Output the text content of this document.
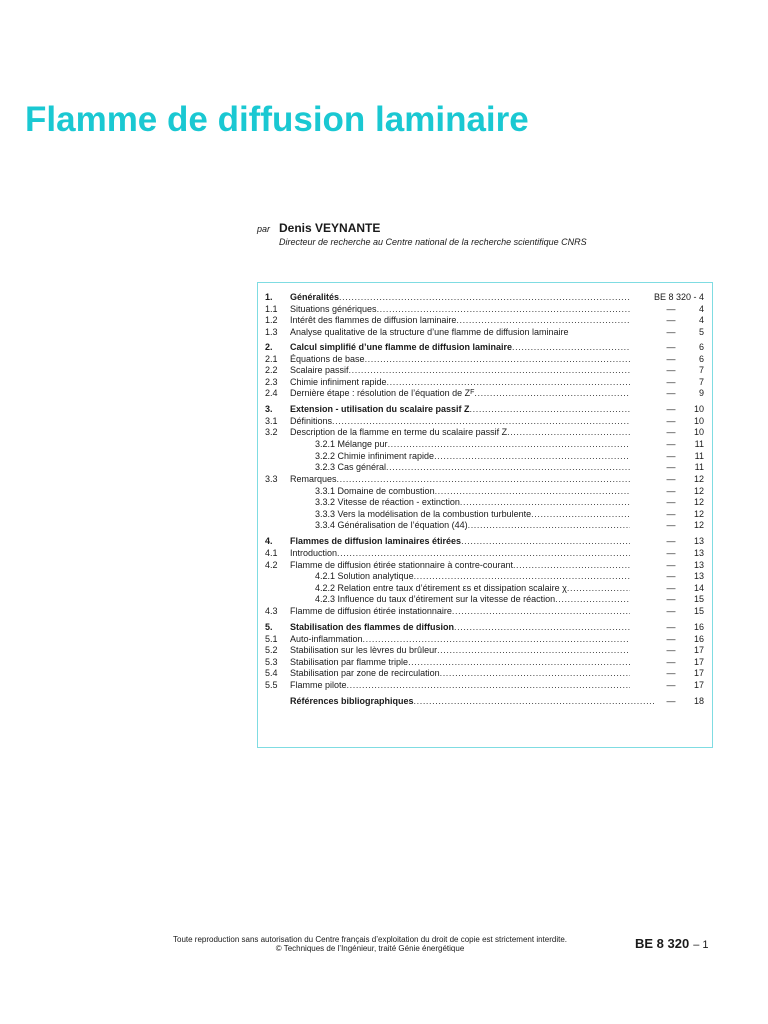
Flamme de diffusion laminaire
par Denis VEYNANTE
Directeur de recherche au Centre national de la recherche scientifique CNRS
1.	Généralités .....	BE 8 320 - 4
1.1	Situations génériques .....	—	4
1.2	Intérêt des flammes de diffusion laminaire .....	—	4
1.3	Analyse qualitative de la structure d’une flamme de diffusion laminaire	—	5
2.	Calcul simplifié d’une flamme de diffusion laminaire .....	—	6
2.1	Équations de base .....	—	6
2.2	Scalaire passif .....	—	7
2.3	Chimie infiniment rapide .....	—	7
2.4	Dernière étape : résolution de l’équation de Z F .....	—	9
3.	Extension - utilisation du scalaire passif Z .....	—	10
3.1	Définitions .....	—	10
3.2	Description de la flamme en terme du scalaire passif Z .....	—	10
3.2.1 Mélange pur .....	—	11
3.2.2 Chimie infiniment rapide .....	—	11
3.2.3 Cas général .....	—	11
3.3	Remarques .....	—	12
3.3.1 Domaine de combustion .....	—	12
3.3.2 Vitesse de réaction - extinction .....	—	12
3.3.3 Vers la modélisation de la combustion turbulente .....	—	12
3.3.4 Généralisation de l’équation (44) .....	—	12
4.	Flammes de diffusion laminaires étirées .....	—	13
4.1	Introduction .....	—	13
4.2	Flamme de diffusion étirée stationnaire à contre-courant .....	—	13
4.2.1 Solution analytique .....	—	13
4.2.2 Relation entre taux d’étirement εs et dissipation scalaire χ .....	—	14
4.2.3 Influence du taux d’étirement sur la vitesse de réaction .....	—	15
4.3	Flamme de diffusion étirée instationnaire .....	—	15
5.	Stabilisation des flammes de diffusion .....	—	16
5.1	Auto-inflammation .....	—	16
5.2	Stabilisation sur les lèvres du brûleur .....	—	17
5.3	Stabilisation par flamme triple .....	—	17
5.4	Stabilisation par zone de recirculation .....	—	17
5.5	Flamme pilote .....	—	17
Références bibliographiques .....	—	18
Toute reproduction sans autorisation du Centre français d’exploitation du droit de copie est strictement interdite.
© Techniques de l’Ingénieur, traité Génie énergétique	BE 8 320 – 1
